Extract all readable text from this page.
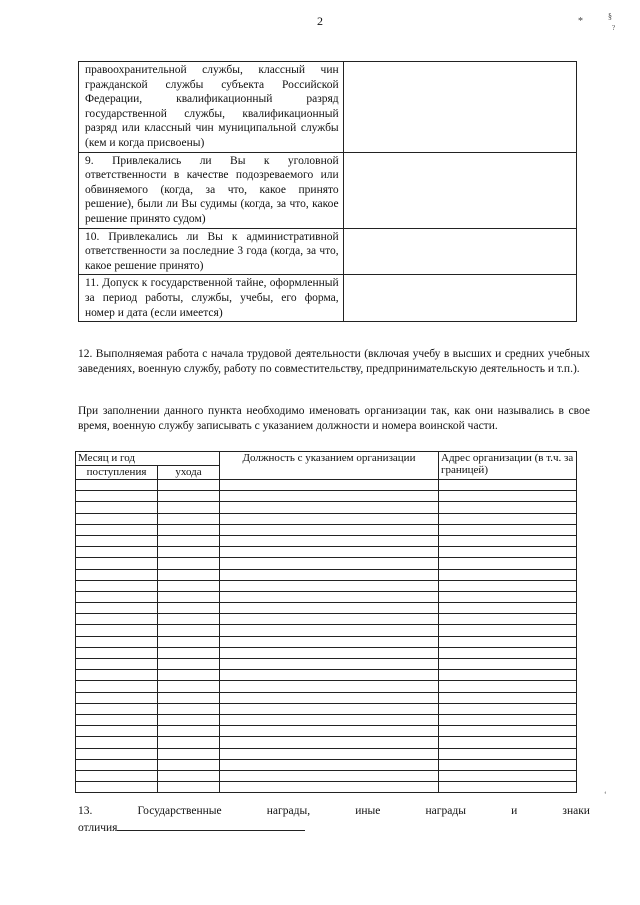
2	*	§
?
ʻ
правоохранительной службы, классный чин гражданской службы субъекта Российской Федерации, квалификационный разряд государственной службы, квалификационный разряд или классный чин муниципальной службы (кем и когда присвоены)	
9. Привлекались ли Вы к уголовной ответственности в качестве подозреваемого или обвиняемого (когда, за что, какое принято решение), были ли Вы судимы (когда, за что, какое решение принято судом)	
10. Привлекались ли Вы к административной ответственности за последние 3 года (когда, за что, какое решение принято)	
11. Допуск к государственной тайне, оформленный за период работы, службы, учебы, его форма, номер и дата (если имеется)	

12. Выполняемая работа с начала трудовой деятельности (включая учебу в высших и средних учебных заведениях, военную службу, работу по совместительству, предпринимательскую деятельность и т.п.).

При заполнении данного пункта необходимо именовать организации так, как они назывались в свое время, военную службу записывать с указанием должности и номера воинской части.

Месяц и год		Должность с указанием организации	Адрес организации (в т.ч. за границей)
поступления	ухода		

13.	Государственные	награды,	иные	награды	и	знаки
отличия
